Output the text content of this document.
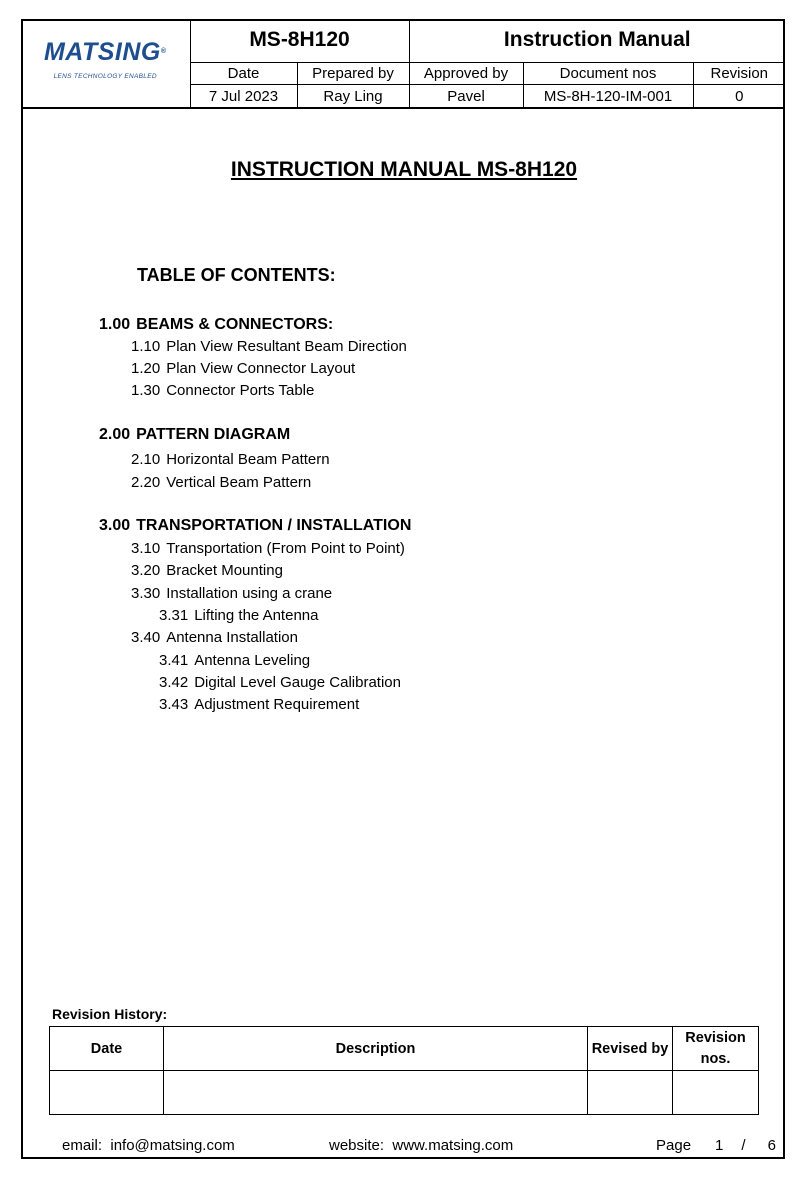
MATSING®
LENS TECHNOLOGY ENABLED	MS-8H120		Instruction Manual		
	Date	Prepared by	Approved by	Document nos	Revision
	7 Jul 2023	Ray Ling	Pavel	MS-8H-120-IM-001	0
INSTRUCTION MANUAL MS-8H120
TABLE OF CONTENTS:
1.00 BEAMS & CONNECTORS:
1.10 Plan View Resultant Beam Direction
1.20 Plan View Connector Layout
1.30 Connector Ports Table
2.00 PATTERN DIAGRAM
2.10 Horizontal Beam Pattern
2.20 Vertical Beam Pattern
3.00 TRANSPORTATION / INSTALLATION
3.10 Transportation (From Point to Point)
3.20 Bracket Mounting
3.30 Installation using a crane
3.31 Lifting the Antenna
3.40 Antenna Installation
3.41 Antenna Leveling
3.42 Digital Level Gauge Calibration
3.43 Adjustment Requirement
Revision History:
Date	Description	Revised by	Revision nos.

email: info@matsing.com	website: www.matsing.com	Page 1 / 6
